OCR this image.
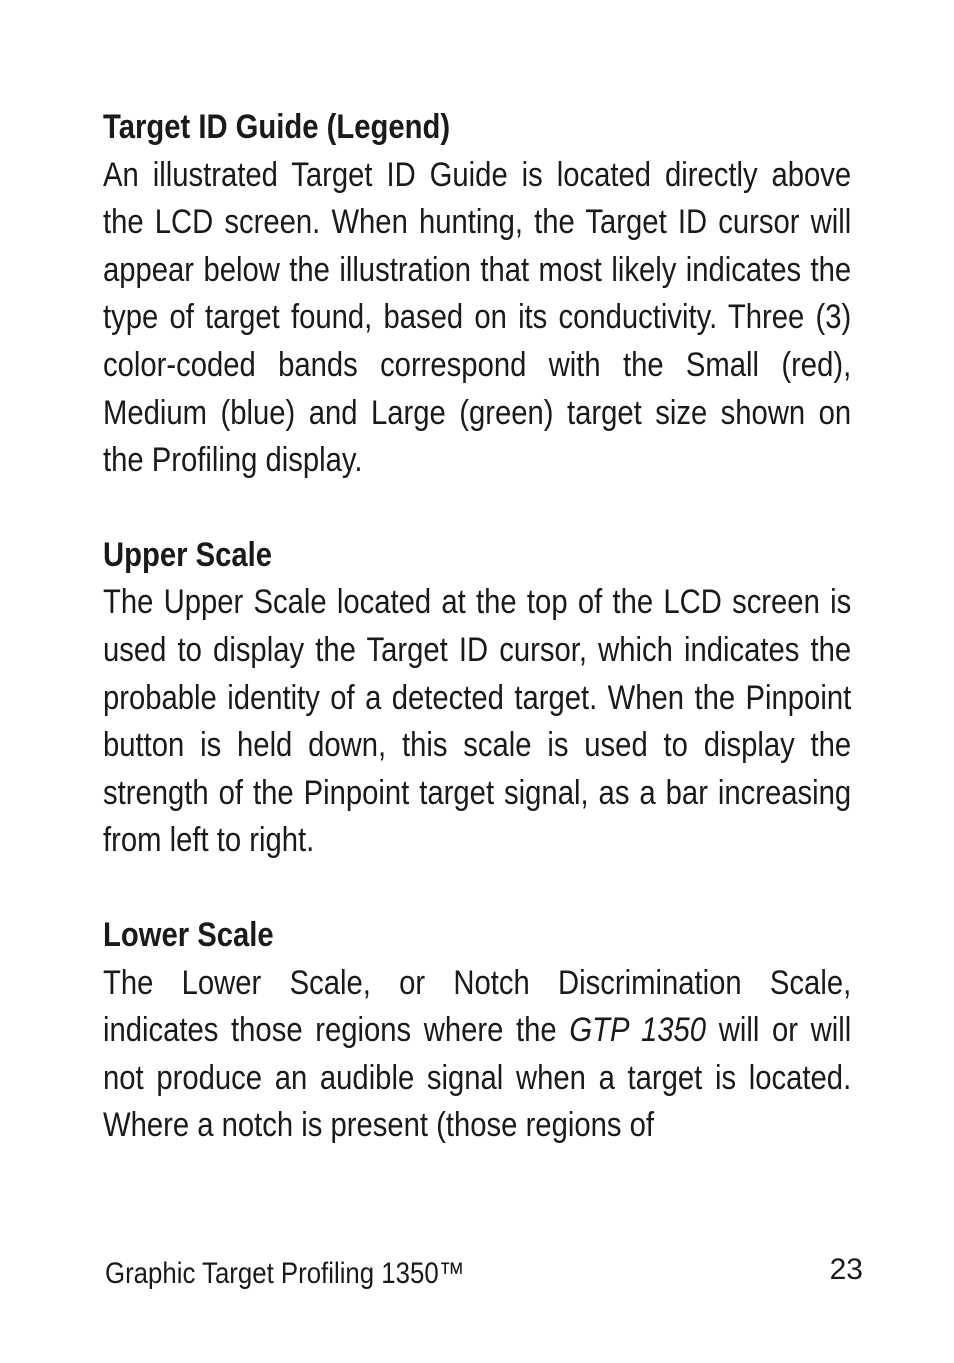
Target ID Guide (Legend)

An illustrated Target ID Guide is located directly above the LCD screen. When hunting, the Target ID cursor will appear below the illustration that most likely indicates the type of target found, based on its conductivity. Three (3) color-coded bands correspond with the Small (red), Medium (blue) and Large (green) target size shown on the Profiling display.

Upper Scale

The Upper Scale located at the top of the LCD screen is used to display the Target ID cursor, which indicates the probable identity of a detected target. When the Pinpoint button is held down, this scale is used to display the strength of the Pinpoint target signal, as a bar increasing from left to right.

Lower Scale

The Lower Scale, or Notch Discrimination Scale, indicates those regions where the GTP 1350 will or will not produce an audible signal when a target is located. Where a notch is present (those regions of

Graphic Target Profiling 1350™	23
